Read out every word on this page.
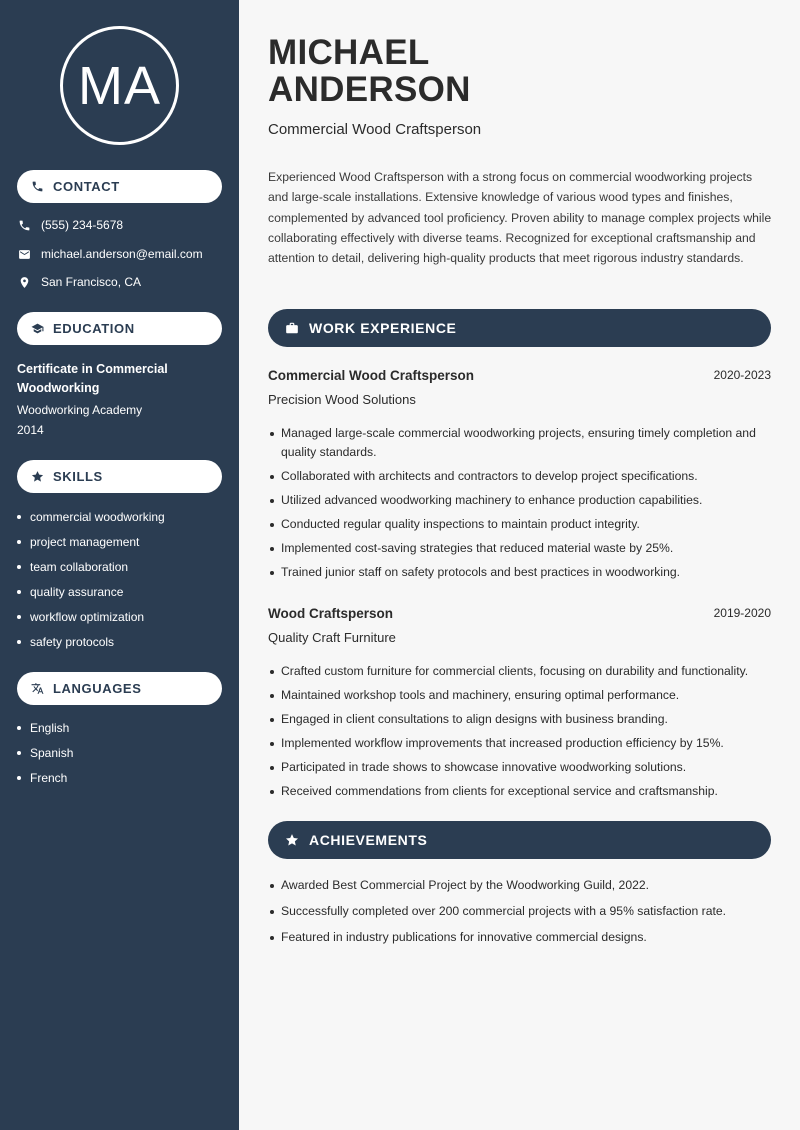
MA
CONTACT
(555) 234-5678
michael.anderson@email.com
San Francisco, CA
EDUCATION
Certificate in Commercial Woodworking
Woodworking Academy
2014
SKILLS
commercial woodworking
project management
team collaboration
quality assurance
workflow optimization
safety protocols
LANGUAGES
English
Spanish
French
MICHAEL
ANDERSON
Commercial Wood Craftsperson

Experienced Wood Craftsperson with a strong focus on commercial woodworking projects and large-scale installations. Extensive knowledge of various wood types and finishes, complemented by advanced tool proficiency. Proven ability to manage complex projects while collaborating effectively with diverse teams. Recognized for exceptional craftsmanship and attention to detail, delivering high-quality products that meet rigorous industry standards.

WORK EXPERIENCE
Commercial Wood Craftsperson	2020-2023
Precision Wood Solutions
Managed large-scale commercial woodworking projects, ensuring timely completion and quality standards.
Collaborated with architects and contractors to develop project specifications.
Utilized advanced woodworking machinery to enhance production capabilities.
Conducted regular quality inspections to maintain product integrity.
Implemented cost-saving strategies that reduced material waste by 25%.
Trained junior staff on safety protocols and best practices in woodworking.
Wood Craftsperson	2019-2020
Quality Craft Furniture
Crafted custom furniture for commercial clients, focusing on durability and functionality.
Maintained workshop tools and machinery, ensuring optimal performance.
Engaged in client consultations to align designs with business branding.
Implemented workflow improvements that increased production efficiency by 15%.
Participated in trade shows to showcase innovative woodworking solutions.
Received commendations from clients for exceptional service and craftsmanship.
ACHIEVEMENTS
Awarded Best Commercial Project by the Woodworking Guild, 2022.
Successfully completed over 200 commercial projects with a 95% satisfaction rate.
Featured in industry publications for innovative commercial designs.
